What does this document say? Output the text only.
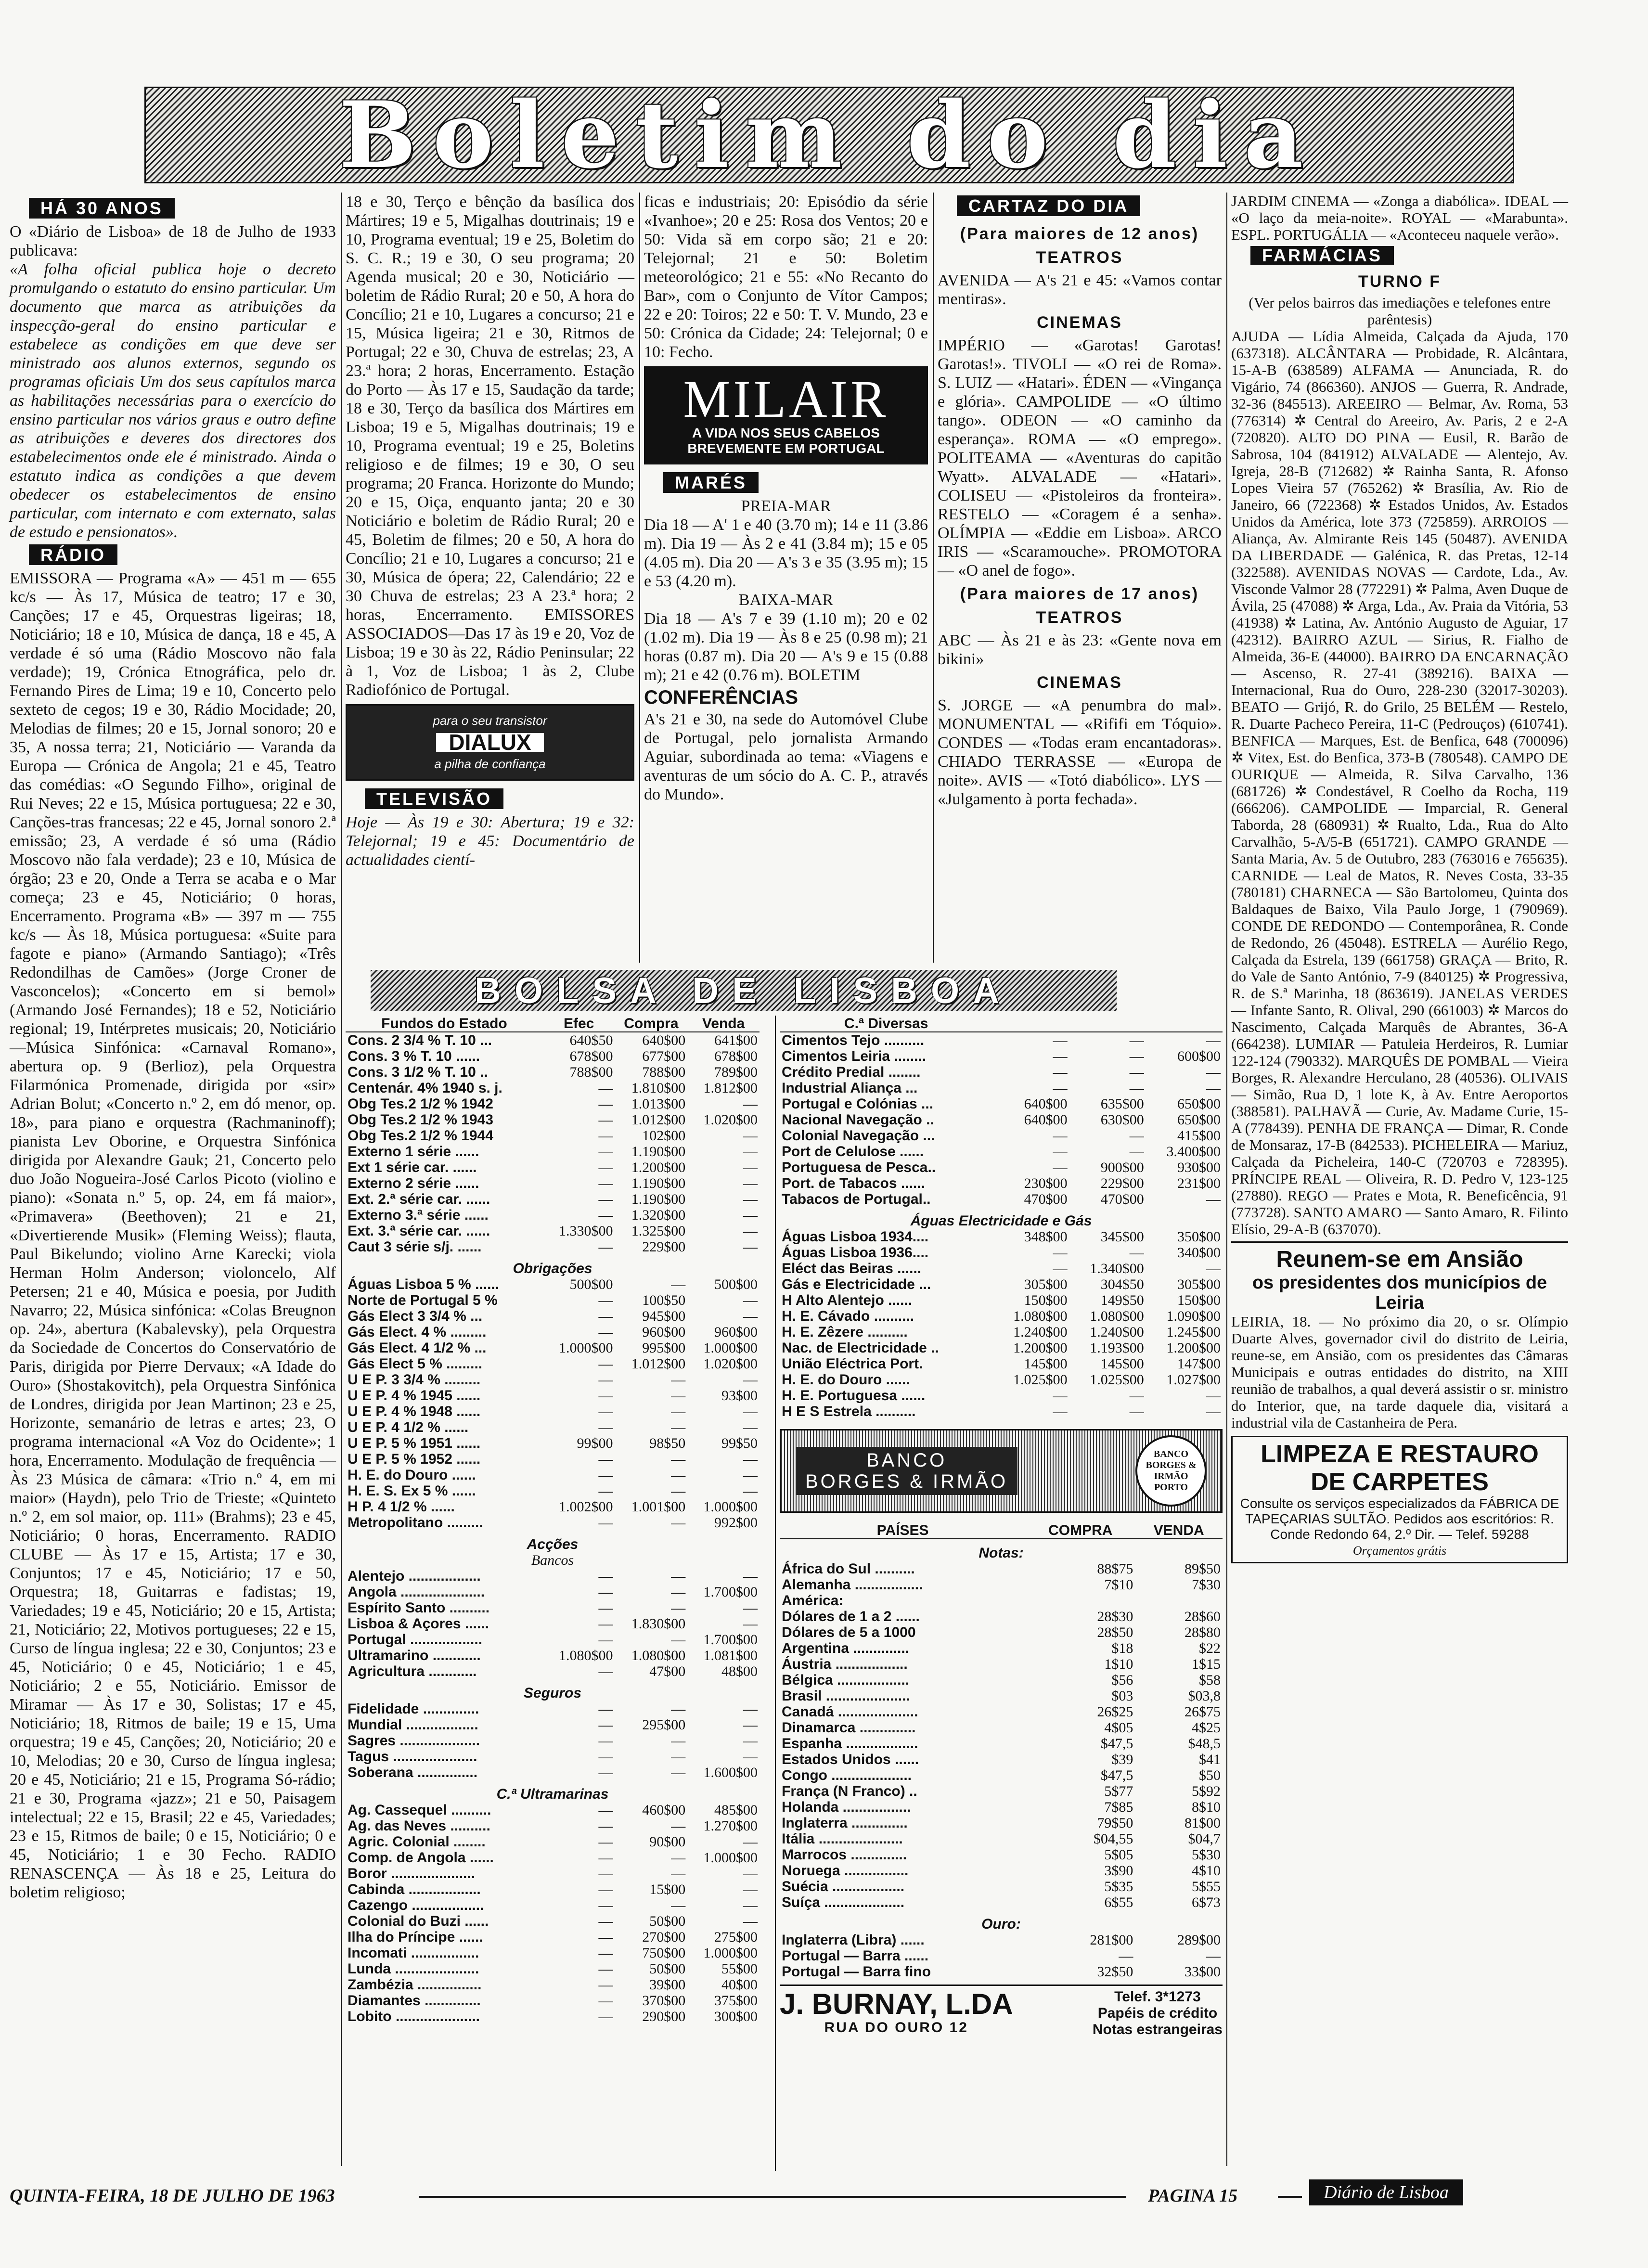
Boletim do dia
HÁ 30 ANOS

O «Diário de Lisboa» de 18 de Julho de 1933 publicava:

«A folha oficial publica hoje o decreto promulgando o estatuto do ensino particular. Um documento que marca as atribuições da inspecção-geral do ensino particular e estabelece as condições em que deve ser ministrado aos alunos externos, segundo os programas oficiais Um dos seus capítulos marca as habilitações necessárias para o exercício do ensino particular nos vários graus e outro define as atribuições e deveres dos directores dos estabelecimentos onde ele é ministrado. Ainda o estatuto indica as condições a que devem obedecer os estabelecimentos de ensino particular, com internato e com externato, salas de estudo e pensionatos».

RÁDIO

EMISSORA — Programa «A» — 451 m — 655 kc/s — Às 17, Música de teatro; 17 e 30, Canções; 17 e 45, Orquestras ligeiras; 18, Noticiário; 18 e 10, Música de dança, 18 e 45, A verdade é só uma (Rádio Moscovo não fala verdade); 19, Crónica Etnográfica, pelo dr. Fernando Pires de Lima; 19 e 10, Concerto pelo sexteto de cegos; 19 e 30, Rádio Mocidade; 20, Melodias de filmes; 20 e 15, Jornal sonoro; 20 e 35, A nossa terra; 21, Noticiário — Varanda da Europa — Crónica de Angola; 21 e 45, Teatro das comédias: «O Segundo Filho», original de Rui Neves; 22 e 15, Música portuguesa; 22 e 30, Canções-tras francesas; 22 e 45, Jornal sonoro 2.ª emissão; 23, A verdade é só uma (Rádio Moscovo não fala verdade); 23 e 10, Música de órgão; 23 e 20, Onde a Terra se acaba e o Mar começa; 23 e 45, Noticiário; 0 horas, Encerramento. Programa «B» — 397 m — 755 kc/s — Às 18, Música portuguesa: «Suite para fagote e piano» (Armando Santiago); «Três Redondilhas de Camões» (Jorge Croner de Vasconcelos); «Concerto em si bemol» (Armando José Fernandes); 18 e 52, Noticiário regional; 19, Intérpretes musicais; 20, Noticiário —Música Sinfónica: «Carnaval Romano», abertura op. 9 (Berlioz), pela Orquestra Filarmónica Promenade, dirigida por «sir» Adrian Bolut; «Concerto n.º 2, em dó menor, op. 18», para piano e orquestra (Rachmaninoff); pianista Lev Oborine, e Orquestra Sinfónica dirigida por Alexandre Gauk; 21, Concerto pelo duo João Nogueira-José Carlos Picoto (violino e piano): «Sonata n.º 5, op. 24, em fá maior», «Primavera» (Beethoven); 21 e 21, «Divertierende Musik» (Fleming Weiss); flauta, Paul Bikelundo; violino Arne Karecki; viola Herman Holm Anderson; violoncelo, Alf Petersen; 21 e 40, Música e poesia, por Judith Navarro; 22, Música sinfónica: «Colas Breugnon op. 24», abertura (Kabalevsky), pela Orquestra da Sociedade de Concertos do Conservatório de Paris, dirigida por Pierre Dervaux; «A Idade do Ouro» (Shostakovitch), pela Orquestra Sinfónica de Londres, dirigida por Jean Martinon; 23 e 25, Horizonte, semanário de letras e artes; 23, O programa internacional «A Voz do Ocidente»; 1 hora, Encerramento. Modulação de frequência — Às 23 Música de câmara: «Trio n.º 4, em mi maior» (Haydn), pelo Trio de Trieste; «Quinteto n.º 2, em sol maior, op. 111» (Brahms); 23 e 45, Noticiário; 0 horas, Encerramento. RADIO CLUBE — Às 17 e 15, Artista; 17 e 30, Conjuntos; 17 e 45, Noticiário; 17 e 50, Orquestra; 18, Guitarras e fadistas; 19, Variedades; 19 e 45, Noticiário; 20 e 15, Artista; 21, Noticiário; 22, Motivos portugueses; 22 e 15, Curso de língua inglesa; 22 e 30, Conjuntos; 23 e 45, Noticiário; 0 e 45, Noticiário; 1 e 45, Noticiário; 2 e 55, Noticiário. Emissor de Miramar — Às 17 e 30, Solistas; 17 e 45, Noticiário; 18, Ritmos de baile; 19 e 15, Uma orquestra; 19 e 45, Canções; 20, Noticiário; 20 e 10, Melodias; 20 e 30, Curso de língua inglesa; 20 e 45, Noticiário; 21 e 15, Programa Só-rádio; 21 e 30, Programa «jazz»; 21 e 50, Paisagem intelectual; 22 e 15, Brasil; 22 e 45, Variedades; 23 e 15, Ritmos de baile; 0 e 15, Noticiário; 0 e 45, Noticiário; 1 e 30 Fecho. RADIO RENASCENÇA — Às 18 e 25, Leitura do boletim religioso;

18 e 30, Terço e bênção da basílica dos Mártires; 19 e 5, Migalhas doutrinais; 19 e 10, Programa eventual; 19 e 25, Boletim do S. C. R.; 19 e 30, O seu programa; 20 Agenda musical; 20 e 30, Noticiário — boletim de Rádio Rural; 20 e 50, A hora do Concílio; 21 e 10, Lugares a concurso; 21 e 15, Música ligeira; 21 e 30, Ritmos de Portugal; 22 e 30, Chuva de estrelas; 23, A 23.ª hora; 2 horas, Encerramento. Estação do Porto — Às 17 e 15, Saudação da tarde; 18 e 30, Terço da basílica dos Mártires em Lisboa; 19 e 5, Migalhas doutrinais; 19 e 10, Programa eventual; 19 e 25, Boletins religioso e de filmes; 19 e 30, O seu programa; 20 Franca. Horizonte do Mundo; 20 e 15, Oiça, enquanto janta; 20 e 30 Noticiário e boletim de Rádio Rural; 20 e 45, Boletim de filmes; 20 e 50, A hora do Concílio; 21 e 10, Lugares a concurso; 21 e 30, Música de ópera; 22, Calendário; 22 e 30 Chuva de estrelas; 23 A 23.ª hora; 2 horas, Encerramento. EMISSORES ASSOCIADOS—Das 17 às 19 e 20, Voz de Lisboa; 19 e 30 às 22, Rádio Peninsular; 22 à 1, Voz de Lisboa; 1 às 2, Clube Radiofónico de Portugal.

para o seu transistor
DIALUX
a pilha de confiança
TELEVISÃO

Hoje — Às 19 e 30: Abertura; 19 e 32: Telejornal; 19 e 45: Documentário de actualidades cientí-

ficas e industriais; 20: Episódio da série «Ivanhoe»; 20 e 25: Rosa dos Ventos; 20 e 50: Vida sã em corpo são; 21 e 20: Telejornal; 21 e 50: Boletim meteorológico; 21 e 55: «No Recanto do Bar», com o Conjunto de Vítor Campos; 22 e 20: Toiros; 22 e 50: T. V. Mundo, 23 e 50: Crónica da Cidade; 24: Telejornal; 0 e 10: Fecho.

MILAIR
A VIDA NOS SEUS CABELOS
BREVEMENTE EM PORTUGAL
MARÉS
PREIA-MAR

Dia 18 — A' 1 e 40 (3.70 m); 14 e 11 (3.86 m). Dia 19 — Às 2 e 41 (3.84 m); 15 e 05 (4.05 m). Dia 20 — A's 3 e 35 (3.95 m); 15 e 53 (4.20 m).

BAIXA-MAR

Dia 18 — A's 7 e 39 (1.10 m); 20 e 02 (1.02 m). Dia 19 — Às 8 e 25 (0.98 m); 21 horas (0.87 m). Dia 20 — A's 9 e 15 (0.88 m); 21 e 42 (0.76 m). BOLETIM

CONFERÊNCIAS

A's 21 e 30, na sede do Automóvel Clube de Portugal, pelo jornalista Armando Aguiar, subordinada ao tema: «Viagens e aventuras de um sócio do A. C. P., através do Mundo».

CARTAZ DO DIA
(Para maiores de 12 anos)
TEATROS

AVENIDA — A's 21 e 45: «Vamos contar mentiras».

CINEMAS

IMPÉRIO — «Garotas! Garotas! Garotas!». TIVOLI — «O rei de Roma». S. LUIZ — «Hatari». ÉDEN — «Vingança e glória». CAMPOLIDE — «O último tango». ODEON — «O caminho da esperança». ROMA — «O emprego». POLITEAMA — «Aventuras do capitão Wyatt». ALVALADE — «Hatari». COLISEU — «Pistoleiros da fronteira». RESTELO — «Coragem é a senha». OLÍMPIA — «Eddie em Lisboa». ARCO IRIS — «Scaramouche». PROMOTORA — «O anel de fogo».

(Para maiores de 17 anos)
TEATROS

ABC — Às 21 e às 23: «Gente nova em bikini»

CINEMAS

S. JORGE — «A penumbra do mal». MONUMENTAL — «Rififi em Tóquio». CONDES — «Todas eram encantadoras». CHIADO TERRASSE — «Europa de noite». AVIS — «Totó diabólico». LYS — «Julgamento à porta fechada».

JARDIM CINEMA — «Zonga a diabólica». IDEAL — «O laço da meia-noite». ROYAL — «Marabunta». ESPL. PORTUGÁLIA — «Aconteceu naquele verão».

FARMÁCIAS
TURNO F
(Ver pelos bairros das imediações e telefones entre parêntesis)

AJUDA — Lídia Almeida, Calçada da Ajuda, 170 (637318). ALCÂNTARA — Probidade, R. Alcântara, 15-A-B (638589) ALFAMA — Anunciada, R. do Vigário, 74 (866360). ANJOS — Guerra, R. Andrade, 32-36 (845513). AREEIRO — Belmar, Av. Roma, 53 (776314) ✲ Central do Areeiro, Av. Paris, 2 e 2-A (720820). ALTO DO PINA — Eusil, R. Barão de Sabrosa, 104 (841912) ALVALADE — Alentejo, Av. Igreja, 28-B (712682) ✲ Rainha Santa, R. Afonso Lopes Vieira 57 (765262) ✲ Brasília, Av. Rio de Janeiro, 66 (722368) ✲ Estados Unidos, Av. Estados Unidos da América, lote 373 (725859). ARROIOS — Aliança, Av. Almirante Reis 145 (50487). AVENIDA DA LIBERDADE — Galénica, R. das Pretas, 12-14 (322588). AVENIDAS NOVAS — Cardote, Lda., Av. Visconde Valmor 28 (772291) ✲ Palma, Aven Duque de Ávila, 25 (47088) ✲ Arga, Lda., Av. Praia da Vitória, 53 (41938) ✲ Latina, Av. António Augusto de Aguiar, 17 (42312). BAIRRO AZUL — Sirius, R. Fialho de Almeida, 36-E (44000). BAIRRO DA ENCARNAÇÃO — Ascenso, R. 27-41 (389216). BAIXA — Internacional, Rua do Ouro, 228-230 (32017-30203). BEATO — Grijó, R. do Grilo, 25 BELÉM — Restelo, R. Duarte Pacheco Pereira, 11-C (Pedrouços) (610741). BENFICA — Marques, Est. de Benfica, 648 (700096) ✲ Vitex, Est. do Benfica, 373-B (780548). CAMPO DE OURIQUE — Almeida, R. Silva Carvalho, 136 (681726) ✲ Condestável, R Coelho da Rocha, 119 (666206). CAMPOLIDE — Imparcial, R. General Taborda, 28 (680931) ✲ Rualto, Lda., Rua do Alto Carvalhão, 5-A/5-B (651721). CAMPO GRANDE — Santa Maria, Av. 5 de Outubro, 283 (763016 e 765635). CARNIDE — Leal de Matos, R. Neves Costa, 33-35 (780181) CHARNECA — São Bartolomeu, Quinta dos Baldaques de Baixo, Vila Paulo Jorge, 1 (790969). CONDE DE REDONDO — Contemporânea, R. Conde de Redondo, 26 (45048). ESTRELA — Aurélio Rego, Calçada da Estrela, 139 (661758) GRAÇA — Brito, R. do Vale de Santo António, 7-9 (840125) ✲ Progressiva, R. de S.ª Marinha, 18 (863619). JANELAS VERDES — Infante Santo, R. Olival, 290 (661003) ✲ Marcos do Nascimento, Calçada Marquês de Abrantes, 36-A (664238). LUMIAR — Patuleia Herdeiros, R. Lumiar 122-124 (790332). MARQUÊS DE POMBAL — Vieira Borges, R. Alexandre Herculano, 28 (40536). OLIVAIS — Simão, Rua D, 1 lote K, à Av. Entre Aeroportos (388581). PALHAVÃ — Curie, Av. Madame Curie, 15-A (778439). PENHA DE FRANÇA — Dimar, R. Conde de Monsaraz, 17-B (842533). PICHELEIRA — Mariuz, Calçada da Picheleira, 140-C (720703 e 728395). PRÍNCIPE REAL — Oliveira, R. D. Pedro V, 123-125 (27880). REGO — Prates e Mota, R. Beneficência, 91 (773728). SANTO AMARO — Santo Amaro, R. Filinto Elísio, 29-A-B (637070).

Reunem-se em Ansião
os presidentes dos municípios de Leiria

LEIRIA, 18. — No próximo dia 20, o sr. Olímpio Duarte Alves, governador civil do distrito de Leiria, reune-se, em Ansião, com os presidentes das Câmaras Municipais e outras entidades do distrito, na XIII reunião de trabalhos, a qual deverá assistir o sr. ministro do Interior, que, na tarde daquele dia, visitará a industrial vila de Castanheira de Pera.

LIMPEZA E RESTAURO
DE CARPETES

Consulte os serviços especializados da FÁBRICA DE TAPEÇARIAS SULTÃO. Pedidos aos escritórios: R. Conde Redondo 64, 2.º Dir. — Telef. 59288

Orçamentos grátis
BOLSA DE LISBOA
Fundos do Estado	Efec	Compra	Venda
Cons. 2 3/4 % T. 10 ...	640$50	640$00	641$00
Cons. 3 % T. 10 ......	678$00	677$00	678$00
Cons. 3 1/2 % T. 10 ..	788$00	788$00	789$00
Centenár. 4% 1940 s. j.	—	1.810$00	1.812$00
Obg Tes.2 1/2 % 1942	—	1.013$00	—
Obg Tes.2 1/2 % 1943	—	1.012$00	1.020$00
Obg Tes.2 1/2 % 1944	—	102$00	—
Externo 1 série ......	—	1.190$00	—
Ext 1 série car. ......	—	1.200$00	—
Externo 2 série ......	—	1.190$00	—
Ext. 2.ª série car. ......	—	1.190$00	—
Externo 3.ª série ......	—	1.320$00	—
Ext. 3.ª série car. ......	1.330$00	1.325$00	—
Caut 3 série s/j. ......	—	229$00	—
Obrigações			
Águas Lisboa 5 % ......	500$00	—	500$00
Norte de Portugal 5 %	—	100$50	—
Gás Elect 3 3/4 % ...	—	945$00	—
Gás Elect. 4 % .........	—	960$00	960$00
Gás Elect. 4 1/2 % ...	1.000$00	995$00	1.000$00
Gás Elect 5 % .........	—	1.012$00	1.020$00
U E P. 3 3/4 % .........	—	—	—
U E P. 4 % 1945 ......	—	—	93$00
U E P. 4 % 1948 ......	—	—	—
U E P. 4 1/2 % ......	—	—	—
U E P. 5 % 1951 ......	99$00	98$50	99$50
U E P. 5 % 1952 ......	—	—	—
H. E. do Douro ......	—	—	—
H. E. S. Ex 5 % ......	—	—	—
H P. 4 1/2 % ......	1.002$00	1.001$00	1.000$00
Metropolitano .........	—	—	992$00
Acções			
Bancos			
Alentejo ..................	—	—	—
Angola .....................	—	—	1.700$00
Espírito Santo ..........	—	—	—
Lisboa & Açores ......	—	1.830$00	—
Portugal ..................	—	—	1.700$00
Ultramarino ............	1.080$00	1.080$00	1.081$00
Agricultura ............	—	47$00	48$00
Seguros			
Fidelidade ..............	—	—	—
Mundial ..................	—	295$00	—
Sagres ....................	—	—	—
Tagus .....................	—	—	—
Soberana ...............	—	—	1.600$00
C.ª Ultramarinas			
Ag. Cassequel ..........	—	460$00	485$00
Ag. das Neves ..........	—	—	1.270$00
Agric. Colonial ........	—	90$00	—
Comp. de Angola ......	—	—	1.000$00
Boror .....................	—	—	—
Cabinda ..................	—	15$00	—
Cazengo ..................	—	—	—
Colonial do Buzi ......	—	50$00	—
Ilha do Príncipe ......	—	270$00	275$00
Incomati .................	—	750$00	1.000$00
Lunda .....................	—	50$00	55$00
Zambézia ................	—	39$00	40$00
Diamantes ..............	—	370$00	375$00
Lobito .....................	—	290$00	300$00
C.ª Diversas			
Cimentos Tejo ..........	—	—	—
Cimentos Leiria ........	—	—	600$00
Crédito Predial ........	—	—	—
Industrial Aliança ...	—	—	—
Portugal e Colónias ...	640$00	635$00	650$00
Nacional Navegação ..	640$00	630$00	650$00
Colonial Navegação ...	—	—	415$00
Port de Celulose ......	—	—	3.400$00
Portuguesa de Pesca..	—	900$00	930$00
Port. de Tabacos ......	230$00	229$00	231$00
Tabacos de Portugal..	470$00	470$00	—
Águas Electricidade e Gás			
Águas Lisboa 1934....	348$00	345$00	350$00
Águas Lisboa 1936....	—	—	340$00
Eléct das Beiras ......	—	1.340$00	—
Gás e Electricidade ...	305$00	304$50	305$00
H Alto Alentejo ......	150$00	149$50	150$00
H. E. Cávado ..........	1.080$00	1.080$00	1.090$00
H. E. Zêzere ..........	1.240$00	1.240$00	1.245$00
Nac. de Electricidade ..	1.200$00	1.193$00	1.200$00
União Eléctrica Port.	145$00	145$00	147$00
H. E. do Douro ......	1.025$00	1.025$00	1.027$00
H. E. Portuguesa ......	—	—	—
H E S Estrela ..........	—	—	—
BANCO
BORGES & IRMÃO
BANCO BORGES & IRMÃO PORTO
PAÍSES	COMPRA	VENDA
Notas:		
África do Sul ..........	88$75	89$50
Alemanha .................	7$10	7$30
América:		
Dólares de 1 a 2 ......	28$30	28$60
Dólares de 5 a 1000	28$50	28$80
Argentina ..............	$18	$22
Áustria ..................	1$10	1$15
Bélgica ..................	$56	$58
Brasil .....................	$03	$03,8
Canadá ....................	26$25	26$75
Dinamarca ..............	4$05	4$25
Espanha ..................	$47,5	$48,5
Estados Unidos ......	$39	$41
Congo ....................	$47,5	$50
França (N Franco) ..	5$77	5$92
Holanda .................	7$85	8$10
Inglaterra ..............	79$50	81$00
Itália .....................	$04,55	$04,7
Marrocos ..............	5$05	5$30
Noruega ................	3$90	4$10
Suécia ..................	5$35	5$55
Suíça ....................	6$55	6$73
Ouro:		
Inglaterra (Libra) ......	281$00	289$00
Portugal — Barra ......	—	—
Portugal — Barra fino	32$50	33$00
J. BURNAY, L.DA
RUA DO OURO 12
Telef. 3*1273
Papéis de crédito
Notas estrangeiras
QUINTA-FEIRA, 18 DE JULHO DE 1963	PAGINA 15	Diário de Lisboa
